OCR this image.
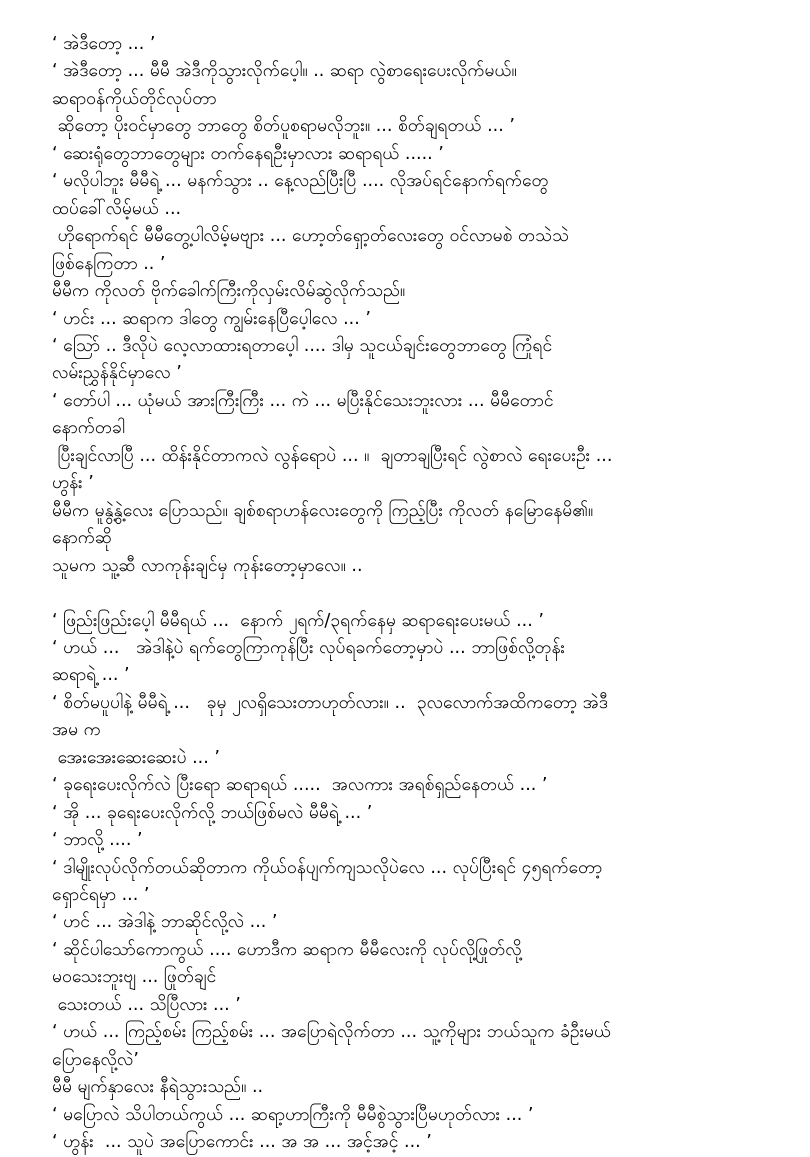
‘ အဲဒီတော့ ... ’
‘ အဲဒီတော့ ... မီမီ အဲဒီကိုသွားလိုက်ပေ့ါ။ .. ဆရာ လွဲစာရေးပေးလိုက်မယ်။
ဆရာဝန်ကိုယ်တိုင်လုပ်တာ
ဆိုတော့ ပိုးဝင်မှာတွေ ဘာတွေ စိတ်ပူစရာမလိုဘူး။ ... စိတ်ချရတယ် ... ’
‘ ဆေးရုံတွေဘာတွေများ တက်နေရဦးမှာလား ဆရာရယ် ..... ’
‘ မလိုပါဘူး မီမီရဲ့ ... မနက်သွား .. နေ့လည်ပြီးပြီ .... လိုအပ်ရင်နောက်ရက်တွေ
ထပ်ခေါ်လိမ့်မယ် ...
ဟိုရောက်ရင် မီမီတွေ့ပါလိမ့်မဗျား ... ဟော့တ်ရှော့တ်လေးတွေ ဝင်လာမစဲ တသဲသဲ
ဖြစ်နေကြတာ .. ’
မီမီက ကိုလတ် ဗိုက်ခေါက်ကြီးကိုလှမ်းလိမ်ဆွဲလိုက်သည်။
‘ ဟင်း ... ဆရာက ဒါတွေ ကျွမ်းနေပြီပေ့ါလေ ... ’
‘ သြော် .. ဒီလိုပဲ လေ့လာထားရတာပေ့ါ .... ဒါမှ သူငယ်ချင်းတွေဘာတွေ ကြုံရင်
လမ်းညွှန်နိုင်မှာလေ ’
‘ တော်ပါ ... ယုံမယ် အားကြီးကြီး ... ကဲ ... မပြီးနိုင်သေးဘူးလား ... မီမီတောင်
နောက်တခါ
ပြီးချင်လာပြီ ... ထိန်းနိုင်တာကလဲ လွန်ရောပဲ ... ။  ချတာချပြီးရင် လွဲစာလဲ ရေးပေးဦး ...
ဟွန်း ’
မီမီက မူနွဲ့နွဲ့လေး ပြောသည်။ ချစ်စရာဟန်လေးတွေကို ကြည့်ပြီး ကိုလတ် နမြောနေမိ၏။
နောက်ဆို
သူမက သူ့ဆီ လာကုန်းချင်မှ ကုန်းတော့မှာလေ။ ..
‘ ဖြည်းဖြည်းပေ့ါ မီမီရယ် ...  နောက် ၂ရက်/၃ရက်နေမှ ဆရာရေးပေးမယ် ... ’
‘ ဟယ် ...   အဲဒါနဲ့ပဲ ရက်တွေကြာကုန်ပြီး လုပ်ရခက်တော့မှာပဲ ... ဘာဖြစ်လို့တုန်း
ဆရာရဲ့ ... ’
‘ စိတ်မပူပါနဲ့ မီမီရဲ့ ...   ခုမှ ၂လရှိသေးတာဟုတ်လား။ ..  ၃လလောက်အထိကတော့ အဲဒီ
အမ က
အေးအေးဆေးဆေးပဲ ... ’
‘ ခုရေးပေးလိုက်လဲ ပြီးရော ဆရာရယ် .....  အလကား အရစ်ရှည်နေတယ် ... ’
‘ အို ... ခုရေးပေးလိုက်လို့ ဘယ်ဖြစ်မလဲ မီမီရဲ့ ... ’
‘ ဘာလို့ .... ’
‘ ဒါမျိုးလုပ်လိုက်တယ်ဆိုတာက ကိုယ်ဝန်ပျက်ကျသလိုပဲလေ ... လုပ်ပြီးရင် ၄၅ရက်တော့
ရှောင်ရမှာ ... ’
‘ ဟင် ... အဲဒါနဲ့ ဘာဆိုင်လို့လဲ ... ’
‘ ဆိုင်ပါသော်ကောကွယ် .... ဟောဒီက ဆရာက မီမီလေးကို လုပ်လို့ဖြုတ်လို့
မဝသေးဘူးဗျ ... ဖြုတ်ချင်
သေးတယ် ... သိပြီလား ... ’
‘ ဟယ် ... ကြည့်စမ်း ကြည့်စမ်း ... အပြောရဲလိုက်တာ ... သူ့ကိုများ ဘယ်သူက ခံဦးမယ်
ပြောနေလို့လဲ’
မီမီ မျက်နှာလေး နီရဲသွားသည်။ ..
‘ မပြောလဲ သိပါတယ်ကွယ် ... ဆရာ့ဟာကြီးကို မီမီစွဲသွားပြီမဟုတ်လား ... ’
‘ ဟွန်း  ... သူပဲ အပြောကောင်း ... အ အ ... အင့်အင့် ... ’
